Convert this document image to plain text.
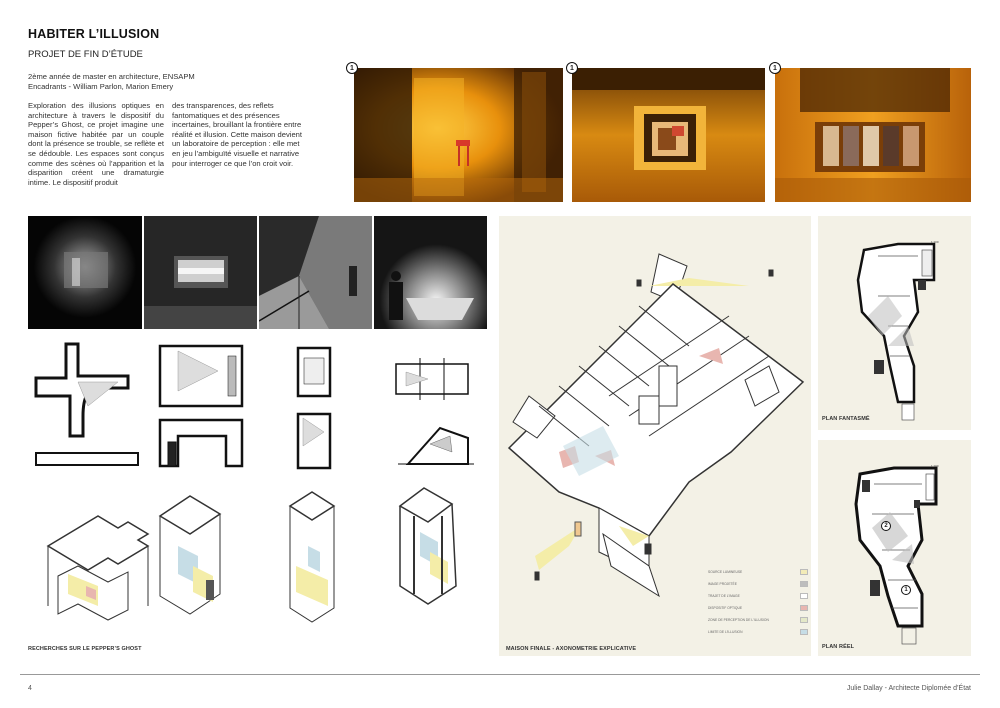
HABITER L’ILLUSION
PROJET DE FIN D’ÉTUDE
2ème année de master en architecture, ENSAPM
Encadrants - William Parlon, Marion Emery
Exploration des illusions optiques en architecture à travers le dispositif du Pepper’s Ghost, ce projet imagine une maison fictive habitée par un couple dont la présence se trouble, se reflète et se dédouble. Les espaces sont conçus comme des scènes où l’apparition et la disparition créent une dramaturgie intime. Le dispositif produit
des transparences, des reflets fantomatiques et des présences incertaines, brouillant la frontière entre réalité et illusion. Cette maison devient un laboratoire de perception : elle met en jeu l’ambiguïté visuelle et narrative pour interroger ce que l’on croit voir.
1	1	1
RECHERCHES SUR LE PEPPER’S GHOST
SOURCE LUMINEUSE
IMAGE PROJETÉE
TRAJET DE L’IMAGE
DISPOSITIF OPTIQUE
ZONE DE PERCEPTION DE L’ILLUSION
LIMITE DE L’ILLUSION
MAISON FINALE - AXONOMETRIE EXPLICATIVE
1:100
PLAN FANTASMÉ
1:100
2
1
PLAN RÉEL
4	Julie Dallay - Architecte Diplomée d’État
